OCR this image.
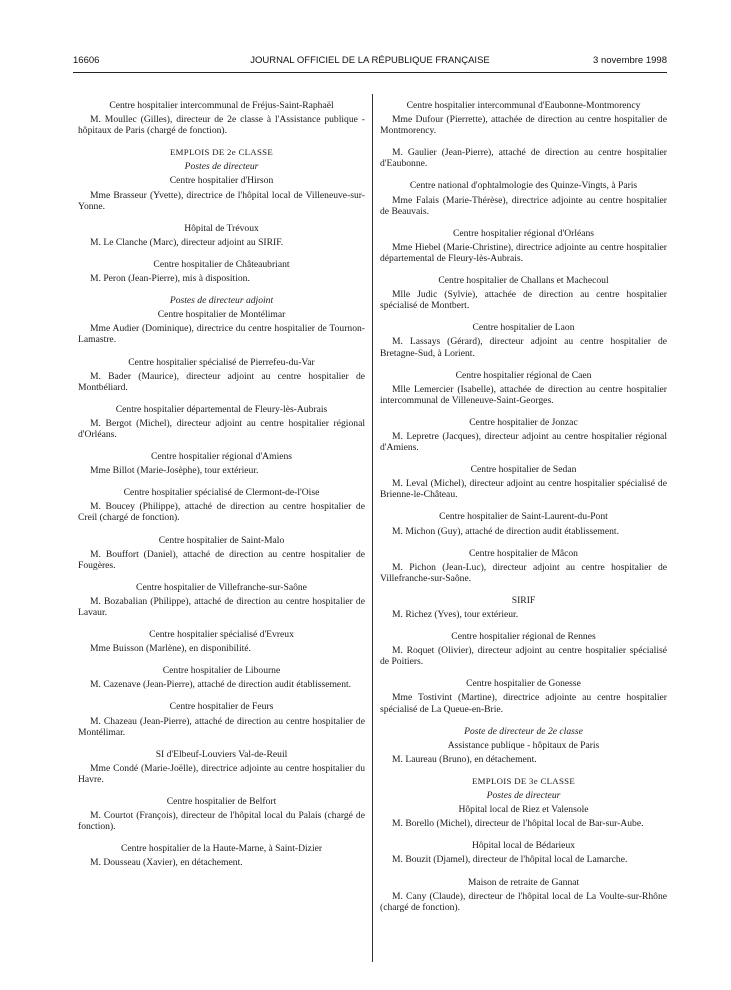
16606	JOURNAL OFFICIEL DE LA RÉPUBLIQUE FRANÇAISE	3 novembre 1998

Centre hospitalier intercommunal de Fréjus-Saint-Raphaël

M. Moullec (Gilles), directeur de 2e classe à l'Assistance publique - hôpitaux de Paris (chargé de fonction).

EMPLOIS DE 2e CLASSE

Postes de directeur

Centre hospitalier d'Hirson

Mme Brasseur (Yvette), directrice de l'hôpital local de Villeneuve-sur-Yonne.

Hôpital de Trévoux

M. Le Clanche (Marc), directeur adjoint au SIRIF.

Centre hospitalier de Châteaubriant

M. Peron (Jean-Pierre), mis à disposition.

Postes de directeur adjoint

Centre hospitalier de Montélimar

Mme Audier (Dominique), directrice du centre hospitalier de Tournon-Lamastre.

Centre hospitalier spécialisé de Pierrefeu-du-Var

M. Bader (Maurice), directeur adjoint au centre hospitalier de Montbéliard.

Centre hospitalier départemental de Fleury-lès-Aubrais

M. Bergot (Michel), directeur adjoint au centre hospitalier régional d'Orléans.

Centre hospitalier régional d'Amiens

Mme Billot (Marie-Josèphe), tour extérieur.

Centre hospitalier spécialisé de Clermont-de-l'Oise

M. Boucey (Philippe), attaché de direction au centre hospitalier de Creil (chargé de fonction).

Centre hospitalier de Saint-Malo

M. Bouffort (Daniel), attaché de direction au centre hospitalier de Fougères.

Centre hospitalier de Villefranche-sur-Saône

M. Bozabalian (Philippe), attaché de direction au centre hospitalier de Lavaur.

Centre hospitalier spécialisé d'Evreux

Mme Buisson (Marlène), en disponibilité.

Centre hospitalier de Libourne

M. Cazenave (Jean-Pierre), attaché de direction audit établissement.

Centre hospitalier de Feurs

M. Chazeau (Jean-Pierre), attaché de direction au centre hospitalier de Montélimar.

SI d'Elbeuf-Louviers Val-de-Reuil

Mme Condé (Marie-Joëlle), directrice adjointe au centre hospitalier du Havre.

Centre hospitalier de Belfort

M. Courtot (François), directeur de l'hôpital local du Palais (chargé de fonction).

Centre hospitalier de la Haute-Marne, à Saint-Dizier

M. Dousseau (Xavier), en détachement.

Centre hospitalier intercommunal d'Eaubonne-Montmorency

Mme Dufour (Pierrette), attachée de direction au centre hospitalier de Montmorency.

M. Gaulier (Jean-Pierre), attaché de direction au centre hospitalier d'Eaubonne.

Centre national d'ophtalmologie des Quinze-Vingts, à Paris

Mme Falais (Marie-Thérèse), directrice adjointe au centre hospitalier de Beauvais.

Centre hospitalier régional d'Orléans

Mme Hiebel (Marie-Christine), directrice adjointe au centre hospitalier départemental de Fleury-lès-Aubrais.

Centre hospitalier de Challans et Machecoul

Mlle Judic (Sylvie), attachée de direction au centre hospitalier spécialisé de Montbert.

Centre hospitalier de Laon

M. Lassays (Gérard), directeur adjoint au centre hospitalier de Bretagne-Sud, à Lorient.

Centre hospitalier régional de Caen

Mlle Lemercier (Isabelle), attachée de direction au centre hospitalier intercommunal de Villeneuve-Saint-Georges.

Centre hospitalier de Jonzac

M. Lepretre (Jacques), directeur adjoint au centre hospitalier régional d'Amiens.

Centre hospitalier de Sedan

M. Leval (Michel), directeur adjoint au centre hospitalier spécialisé de Brienne-le-Château.

Centre hospitalier de Saint-Laurent-du-Pont

M. Michon (Guy), attaché de direction audit établissement.

Centre hospitalier de Mâcon

M. Pichon (Jean-Luc), directeur adjoint au centre hospitalier de Villefranche-sur-Saône.

SIRIF

M. Richez (Yves), tour extérieur.

Centre hospitalier régional de Rennes

M. Roquet (Olivier), directeur adjoint au centre hospitalier spécialisé de Poitiers.

Centre hospitalier de Gonesse

Mme Tostivint (Martine), directrice adjointe au centre hospitalier spécialisé de La Queue-en-Brie.

Poste de directeur de 2e classe

Assistance publique - hôpitaux de Paris

M. Laureau (Bruno), en détachement.

EMPLOIS DE 3e CLASSE

Postes de directeur

Hôpital local de Riez et Valensole

M. Borello (Michel), directeur de l'hôpital local de Bar-sur-Aube.

Hôpital local de Bédarieux

M. Bouzit (Djamel), directeur de l'hôpital local de Lamarche.

Maison de retraite de Gannat

M. Cany (Claude), directeur de l'hôpital local de La Voulte-sur-Rhône (chargé de fonction).
